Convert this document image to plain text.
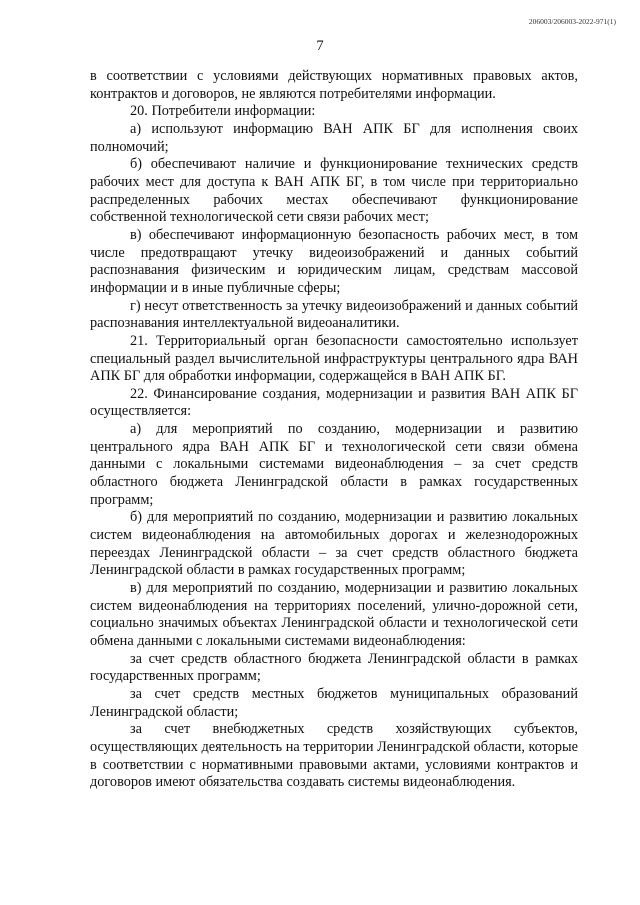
206003/206003-2022-971(1)
7

в соответствии с условиями действующих нормативных правовых актов, контрактов и договоров, не являются потребителями информации.

20. Потребители информации:

а) используют информацию ВАН АПК БГ для исполнения своих полномочий;

б) обеспечивают наличие и функционирование технических средств рабочих мест для доступа к ВАН АПК БГ, в том числе при территориально распределенных рабочих местах обеспечивают функционирование собственной технологической сети связи рабочих мест;

в) обеспечивают информационную безопасность рабочих мест, в том числе предотвращают утечку видеоизображений и данных событий распознавания физическим и юридическим лицам, средствам массовой информации и в иные публичные сферы;

г) несут ответственность за утечку видеоизображений и данных событий распознавания интеллектуальной видеоаналитики.

21. Территориальный орган безопасности самостоятельно использует специальный раздел вычислительной инфраструктуры центрального ядра ВАН АПК БГ для обработки информации, содержащейся в ВАН АПК БГ.

22. Финансирование создания, модернизации и развития ВАН АПК БГ осуществляется:

а) для мероприятий по созданию, модернизации и развитию центрального ядра ВАН АПК БГ и технологической сети связи обмена данными с локальными системами видеонаблюдения – за счет средств областного бюджета Ленинградской области в рамках государственных программ;

б) для мероприятий по созданию, модернизации и развитию локальных систем видеонаблюдения на автомобильных дорогах и железнодорожных переездах Ленинградской области – за счет средств областного бюджета Ленинградской области в рамках государственных программ;

в) для мероприятий по созданию, модернизации и развитию локальных систем видеонаблюдения на территориях поселений, улично-дорожной сети, социально значимых объектах Ленинградской области и технологической сети обмена данными с локальными системами видеонаблюдения:

за счет средств областного бюджета Ленинградской области в рамках государственных программ;

за счет средств местных бюджетов муниципальных образований Ленинградской области;

за счет внебюджетных средств хозяйствующих субъектов, осуществляющих деятельность на территории Ленинградской области, которые в соответствии с нормативными правовыми актами, условиями контрактов и договоров имеют обязательства создавать системы видеонаблюдения.
